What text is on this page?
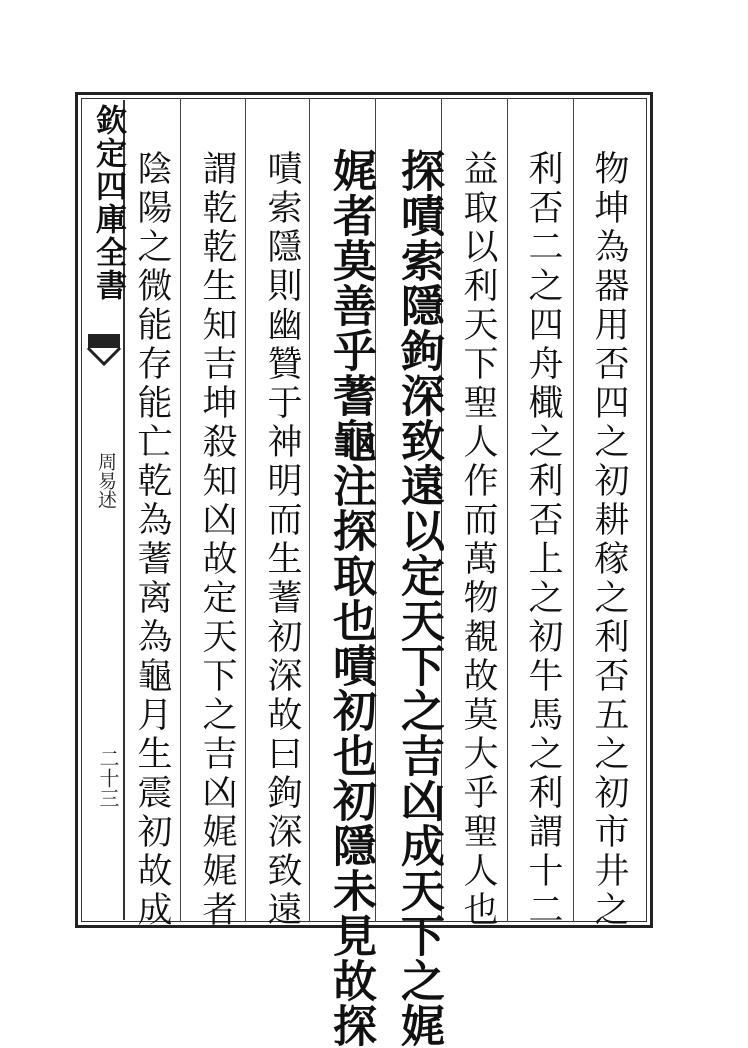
欽定四庫全書
周易述
二十三	物坤為器用否四之初耕稼之利否五之初市井之
利否二之四舟檝之利否上之初牛馬之利謂十二
益取以利天下聖人作而萬物覩故莫大乎聖人也
探嘖索隱鉤深致遠以定天下之吉凶成天下之娓
娓者莫善乎蓍龜注探取也嘖初也初隱未見故探
嘖索隱則幽贊于神明而生蓍初深故曰鉤深致遠
謂乾乾生知吉坤殺知凶故定天下之吉凶娓娓者
陰陽之微能存能亡乾為蓍离為龜月生震初故成
